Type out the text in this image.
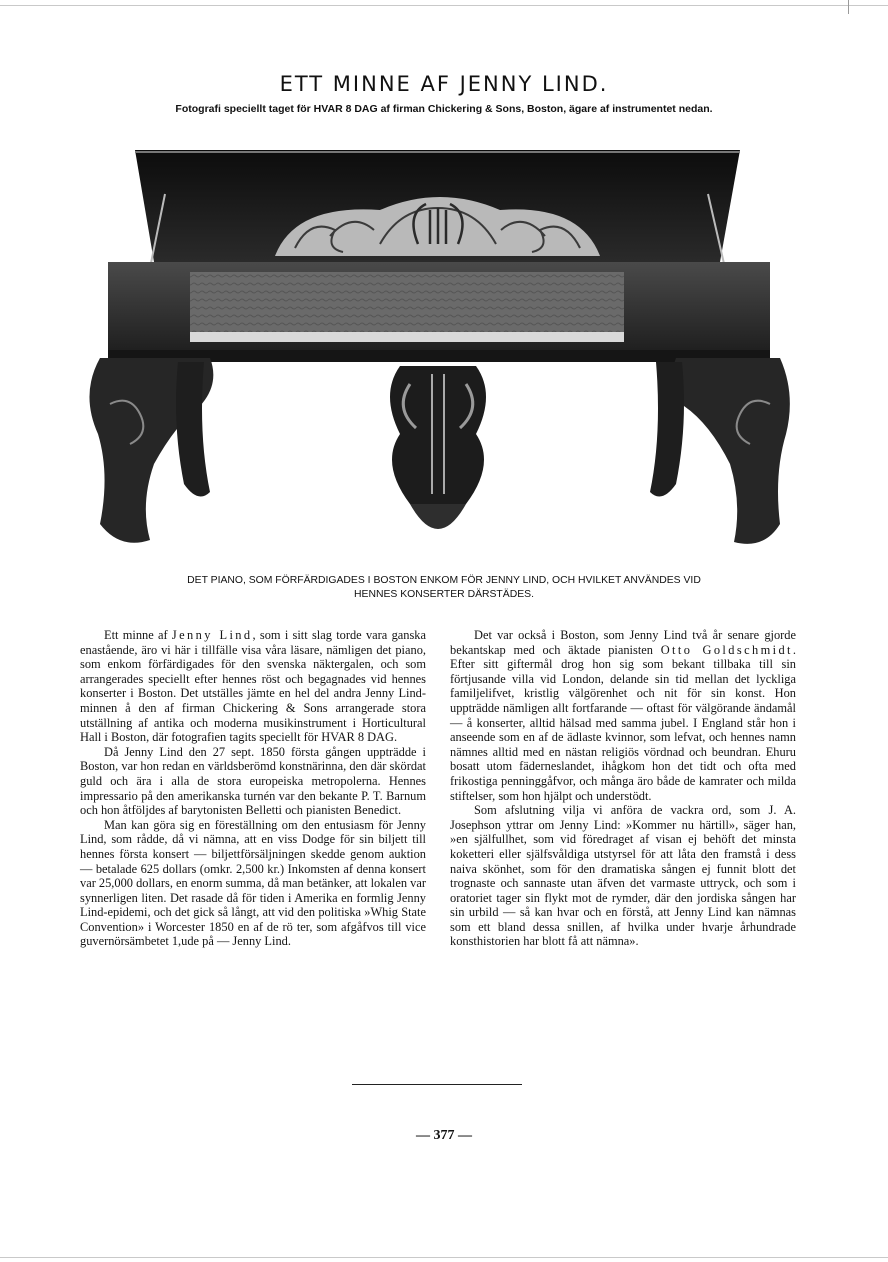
ETT MINNE AF JENNY LIND.
Fotografi speciellt taget för HVAR 8 DAG af firman Chickering & Sons, Boston, ägare af instrumentet nedan.
DET PIANO, SOM FÖRFÄRDIGADES I BOSTON ENKOM FÖR JENNY LIND, OCH HVILKET ANVÄNDES VID
HENNES KONSERTER DÄRSTÄDES.

Ett minne af Jenny Lind, som i sitt slag torde vara ganska enastående, äro vi här i tillfälle visa våra läsare, nämligen det piano, som enkom förfärdigades för den svenska näktergalen, och som arrangerades speciellt efter hennes röst och begagnades vid hennes konserter i Boston. Det utställes jämte en hel del andra Jenny Lind-minnen å den af firman Chickering & Sons arrangerade stora utställning af antika och moderna musikinstrument i Horticultural Hall i Boston, där fotografien tagits speciellt för HVAR 8 DAG.

Då Jenny Lind den 27 sept. 1850 första gången uppträdde i Boston, var hon redan en världsberömd konstnärinna, den där skördat guld och ära i alla de stora europeiska metropolerna. Hennes impressario på den amerikanska turnén var den bekante P. T. Barnum och hon åtföljdes af barytonisten Belletti och pianisten Benedict.

Man kan göra sig en föreställning om den entusiasm för Jenny Lind, som rådde, då vi nämna, att en viss Dodge för sin biljett till hennes första konsert — biljettförsäljningen skedde genom auktion — betalade 625 dollars (omkr. 2,500 kr.) Inkomsten af denna konsert var 25,000 dollars, en enorm summa, då man betänker, att lokalen var synnerligen liten. Det rasade då för tiden i Amerika en formlig Jenny Lind-epidemi, och det gick så långt, att vid den politiska »Whig State Convention» i Worcester 1850 en af de rö ter, som afgåfvos till vice guvernörsämbetet 1,ude på — Jenny Lind.

Det var också i Boston, som Jenny Lind två år senare gjorde bekantskap med och äktade pianisten Otto Goldschmidt. Efter sitt giftermål drog hon sig som bekant tillbaka till sin förtjusande villa vid London, delande sin tid mellan det lyckliga familjelifvet, kristlig välgörenhet och nit för sin konst. Hon uppträdde nämligen allt fortfarande — oftast för välgörande ändamål — å konserter, alltid hälsad med samma jubel. I England står hon i anseende som en af de ädlaste kvinnor, som lefvat, och hennes namn nämnes alltid med en nästan religiös vördnad och beundran. Ehuru bosatt utom fäderneslandet, ihågkom hon det tidt och ofta med frikostiga penninggåfvor, och många äro både de kamrater och milda stiftelser, som hon hjälpt och understödt.

Som afslutning vilja vi anföra de vackra ord, som J. A. Josephson yttrar om Jenny Lind: »Kommer nu härtill», säger han, »en själfullhet, som vid föredraget af visan ej behöft det minsta koketteri eller själfsvåldiga utstyrsel för att låta den framstå i dess naiva skönhet, som för den dramatiska sången ej funnit blott det trognaste och sannaste utan äfven det varmaste uttryck, och som i oratoriet tager sin flykt mot de rymder, där den jordiska sången har sin urbild — så kan hvar och en förstå, att Jenny Lind kan nämnas som ett bland dessa snillen, af hvilka under hvarje århundrade konsthistorien har blott få att nämna».

— 377 —
